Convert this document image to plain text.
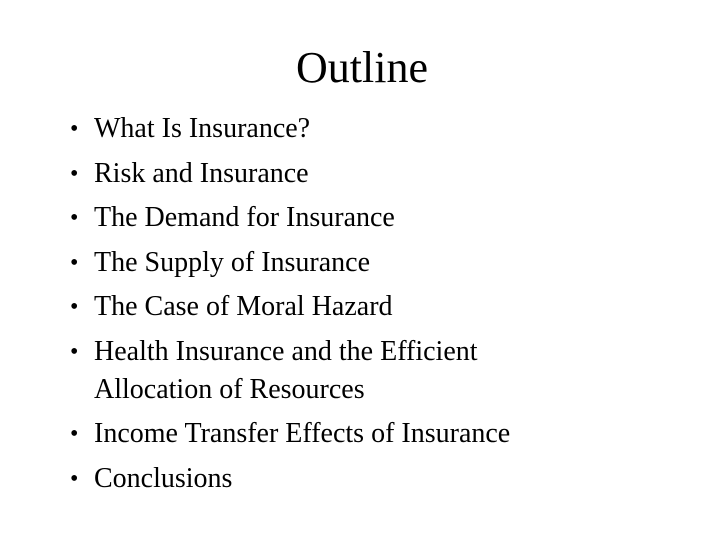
Outline
• What Is Insurance?
• Risk and Insurance
• The Demand for Insurance
• The Supply of Insurance
• The Case of Moral Hazard
• Health Insurance and the Efficient Allocation of Resources
• Income Transfer Effects of Insurance
• Conclusions
